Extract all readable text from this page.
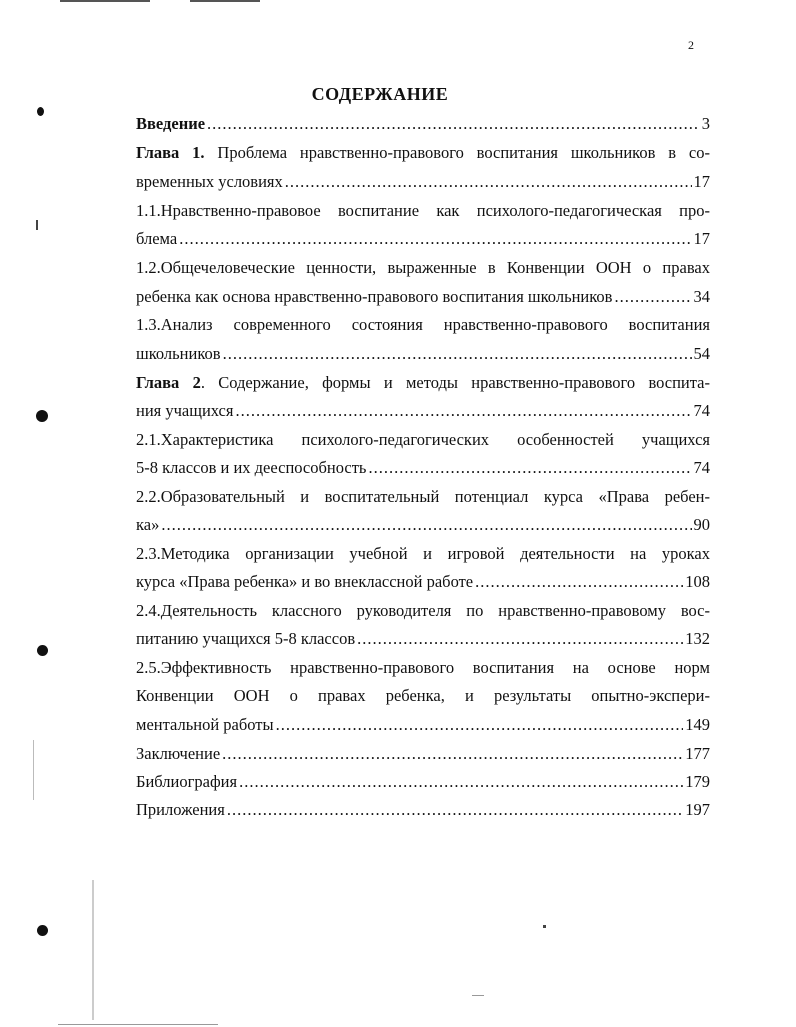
2
СОДЕРЖАНИЕ
Введение .....	3
Глава 1. Проблема нравственно-правового воспитания школьников в со-
временных условиях .....	17
1.1.Нравственно-правовое воспитание как психолого-педагогическая про-
блема .....	17
1.2.Общечеловеческие ценности, выраженные в Конвенции ООН о правах
ребенка как основа нравственно-правового воспитания школьников .....	34
1.3.Анализ современного состояния нравственно-правового воспитания
школьников .....	54
Глава 2. Содержание, формы и методы нравственно-правового воспита-
ния учащихся .....	74
2.1.Характеристика психолого-педагогических особенностей учащихся
5-8 классов и их дееспособность .....	74
2.2.Образовательный и воспитательный потенциал курса «Права ребен-
ка» .....	90
2.3.Методика организации учебной и игровой деятельности на уроках
курса «Права ребенка» и во внеклассной работе .....	108
2.4.Деятельность классного руководителя по нравственно-правовому вос-
питанию учащихся 5-8 классов .....	132
2.5.Эффективность нравственно-правового воспитания на основе норм
Конвенции ООН о правах ребенка, и результаты опытно-экспери-
ментальной работы .....	149
Заключение .....	177
Библиография .....	179
Приложения .....	197
